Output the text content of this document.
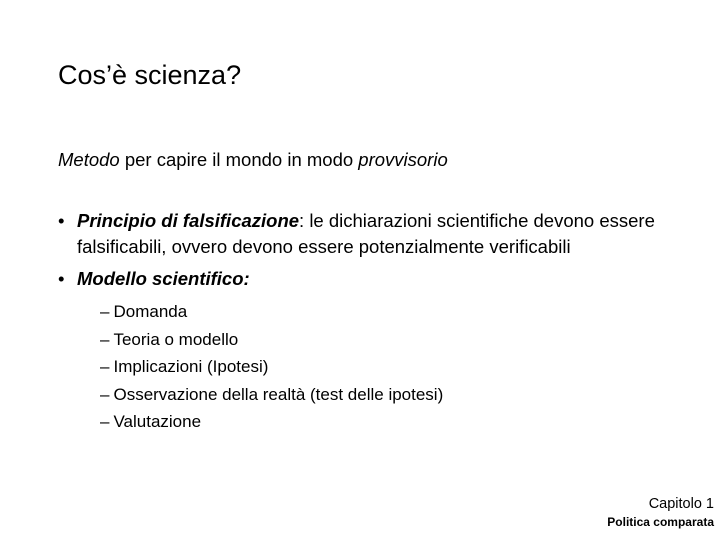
Cos’è scienza?
Metodo per capire il mondo in modo provvisorio
• Principio di falsificazione: le dichiarazioni scientifiche devono essere falsificabili, ovvero devono essere potenzialmente verificabili
• Modello scientifico:
– Domanda
– Teoria o modello
– Implicazioni (Ipotesi)
– Osservazione della realtà (test delle ipotesi)
– Valutazione
Capitolo 1
Politica comparata
